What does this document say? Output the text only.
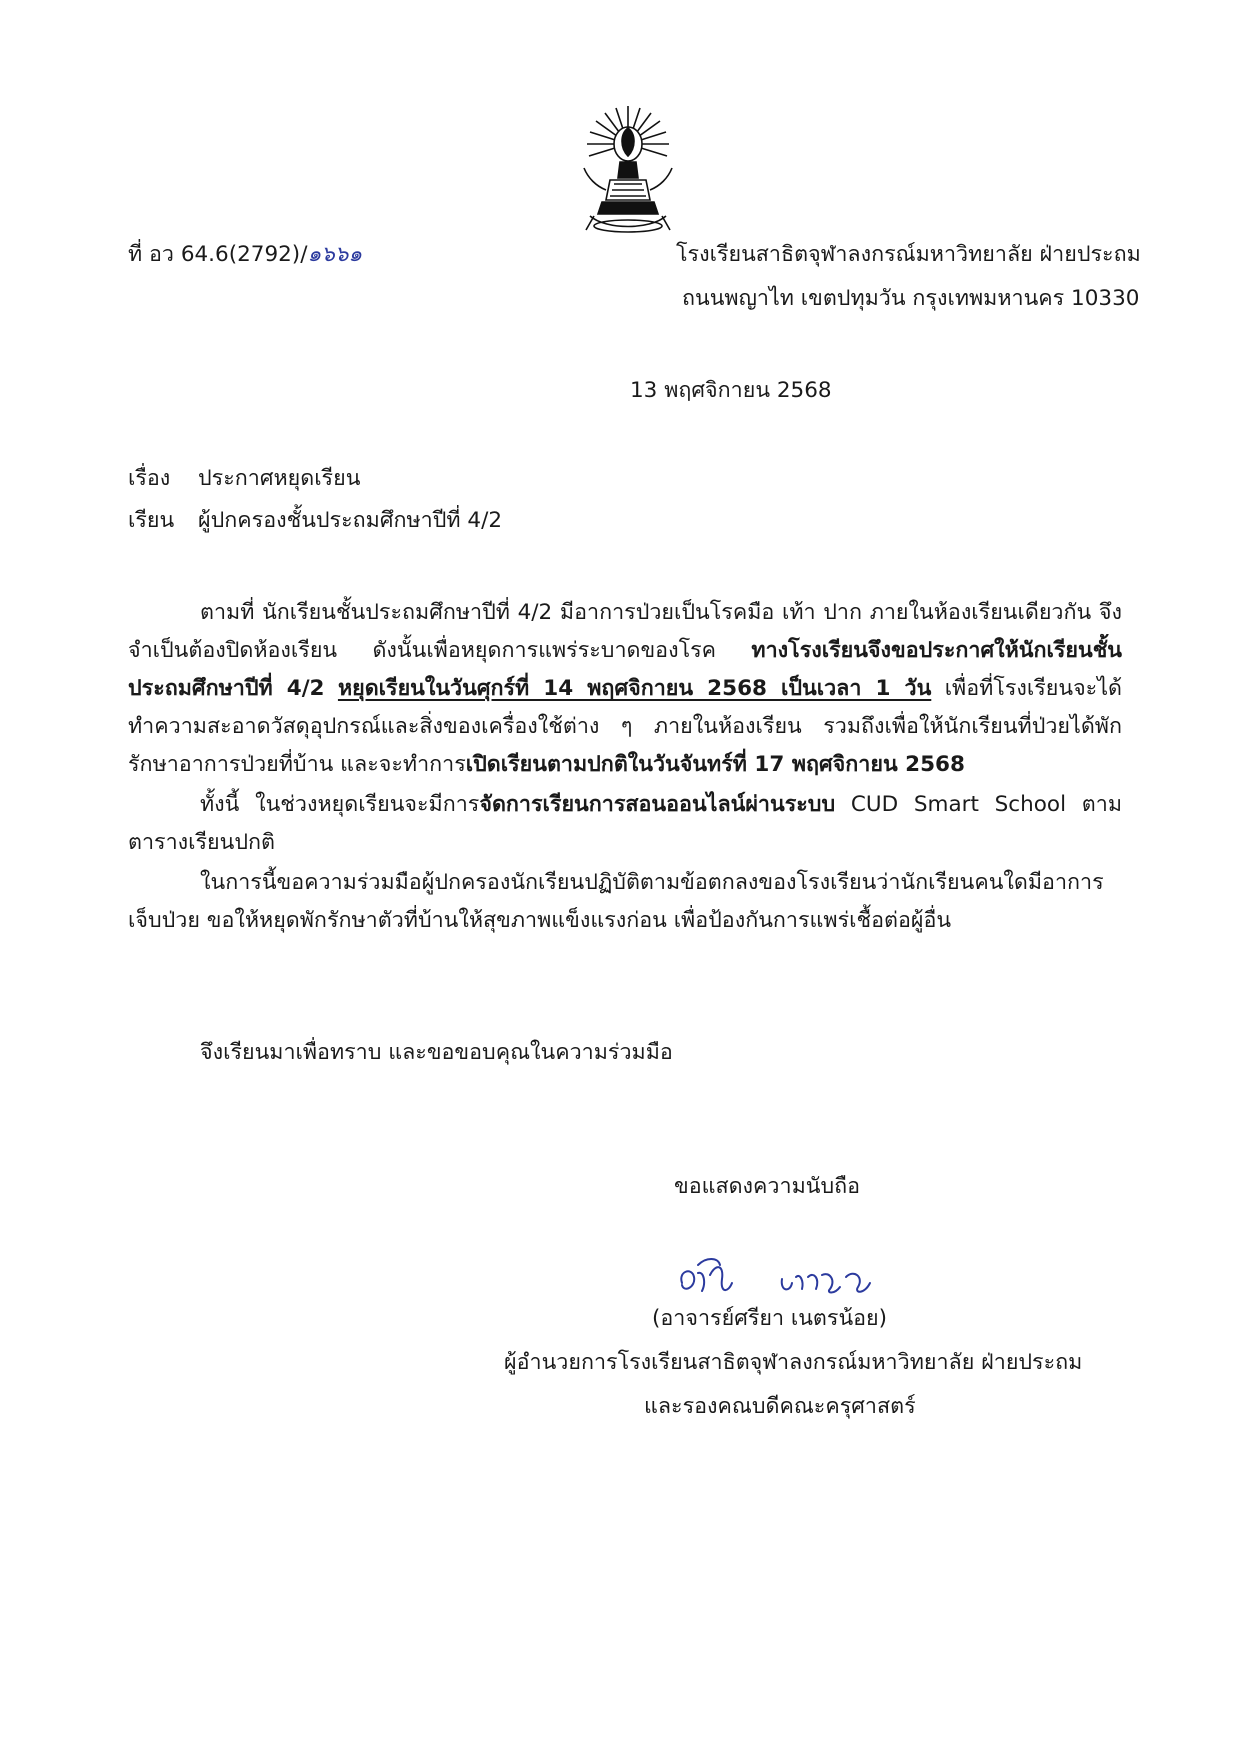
ที่ อว 64.6(2792)/๑๖๖๑	โรงเรียนสาธิตจุฬาลงกรณ์มหาวิทยาลัย ฝ่ายประถม
ถนนพญาไท เขตปทุมวัน กรุงเทพมหานคร 10330
13 พฤศจิกายน 2568
เรื่อง ประกาศหยุดเรียน
เรียน ผู้ปกครองชั้นประถมศึกษาปีที่ 4/2

ตามที่ นักเรียนชั้นประถมศึกษาปีที่ 4/2 มีอาการป่วยเป็นโรคมือ เท้า ปาก ภายในห้องเรียนเดียวกัน จึงจำเป็นต้องปิดห้องเรียน ดังนั้นเพื่อหยุดการแพร่ระบาดของโรค ทางโรงเรียนจึงขอประกาศให้นักเรียนชั้นประถมศึกษาปีที่ 4/2 หยุดเรียนในวันศุกร์ที่ 14 พฤศจิกายน 2568 เป็นเวลา 1 วัน เพื่อที่โรงเรียนจะได้ทำความสะอาดวัสดุอุปกรณ์และสิ่งของเครื่องใช้ต่าง ๆ ภายในห้องเรียน รวมถึงเพื่อให้นักเรียนที่ป่วยได้พักรักษาอาการป่วยที่บ้าน และจะทำการเปิดเรียนตามปกติในวันจันทร์ที่ 17 พฤศจิกายน 2568

ทั้งนี้ ในช่วงหยุดเรียนจะมีการจัดการเรียนการสอนออนไลน์ผ่านระบบ CUD Smart School ตามตารางเรียนปกติ

ในการนี้ขอความร่วมมือผู้ปกครองนักเรียนปฏิบัติตามข้อตกลงของโรงเรียนว่านักเรียนคนใดมีอาการเจ็บป่วย ขอให้หยุดพักรักษาตัวที่บ้านให้สุขภาพแข็งแรงก่อน เพื่อป้องกันการแพร่เชื้อต่อผู้อื่น

จึงเรียนมาเพื่อทราบ และขอขอบคุณในความร่วมมือ
ขอแสดงความนับถือ
ศรีษา เนตรน้อย
(อาจารย์ศรียา เนตรน้อย)
ผู้อำนวยการโรงเรียนสาธิตจุฬาลงกรณ์มหาวิทยาลัย ฝ่ายประถม
และรองคณบดีคณะครุศาสตร์
